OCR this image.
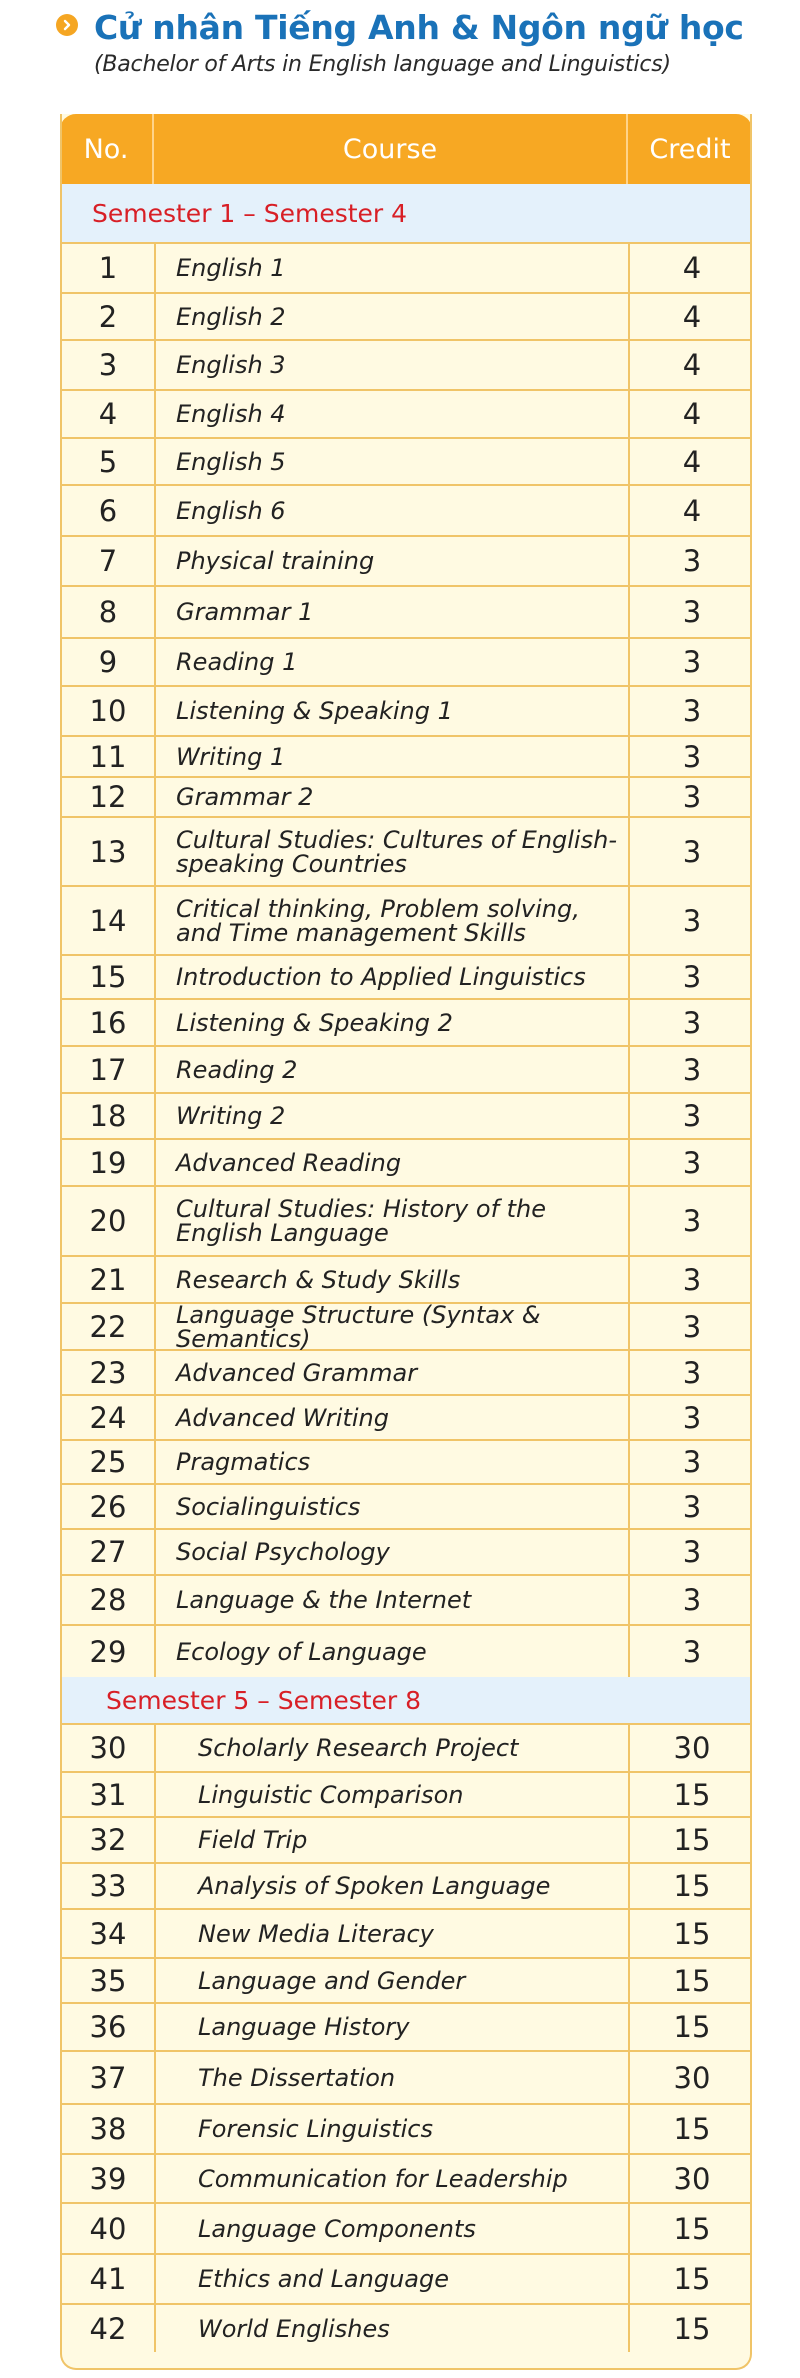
Cử nhân Tiếng Anh & Ngôn ngữ học
(Bachelor of Arts in English language and Linguistics)
No.	Course	Credit
Semester 1 – Semester 4
1	English 1	4
2	English 2	4
3	English 3	4
4	English 4	4
5	English 5	4
6	English 6	4
7	Physical training	3
8	Grammar 1	3
9	Reading 1	3
10	Listening & Speaking 1	3
11	Writing 1	3
12	Grammar 2	3
13	Cultural Studies: Cultures of English-speaking Countries	3
14	Critical thinking, Problem solving, and Time management Skills	3
15	Introduction to Applied Linguistics	3
16	Listening & Speaking 2	3
17	Reading 2	3
18	Writing 2	3
19	Advanced Reading	3
20	Cultural Studies: History of the English Language	3
21	Research & Study Skills	3
22	Language Structure (Syntax & Semantics)	3
23	Advanced Grammar	3
24	Advanced Writing	3
25	Pragmatics	3
26	Socialinguistics	3
27	Social Psychology	3
28	Language & the Internet	3
29	Ecology of Language	3
Semester 5 – Semester 8
30	Scholarly Research Project	30
31	Linguistic Comparison	15
32	Field Trip	15
33	Analysis of Spoken Language	15
34	New Media Literacy	15
35	Language and Gender	15
36	Language History	15
37	The Dissertation	30
38	Forensic Linguistics	15
39	Communication for Leadership	30
40	Language Components	15
41	Ethics and Language	15
42	World Englishes	15
